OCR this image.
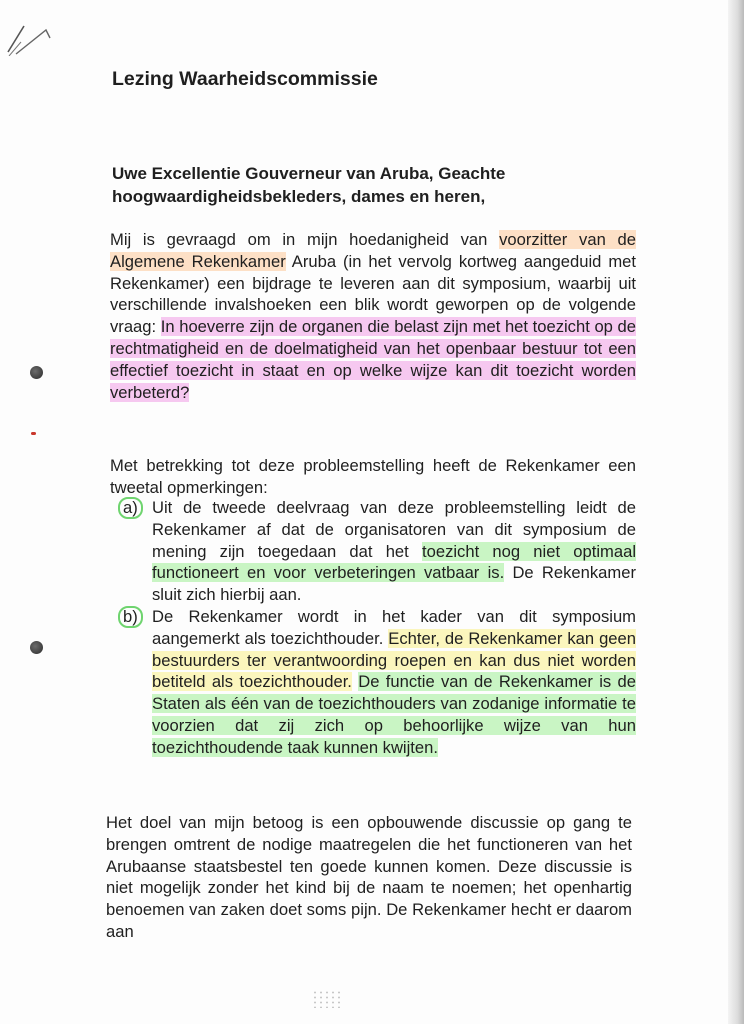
Lezing Waarheidscommissie
Uwe Excellentie Gouverneur van Aruba, Geachte hoogwaardigheidsbekleders, dames en heren,
Mij is gevraagd om in mijn hoedanigheid van voorzitter van de Algemene Rekenkamer Aruba (in het vervolg kortweg aangeduid met Rekenkamer) een bijdrage te leveren aan dit symposium, waarbij uit verschillende invalshoeken een blik wordt geworpen op de volgende vraag: In hoeverre zijn de organen die belast zijn met het toezicht op de rechtmatigheid en de doelmatigheid van het openbaar bestuur tot een effectief toezicht in staat en op welke wijze kan dit toezicht worden verbeterd?
Met betrekking tot deze probleemstelling heeft de Rekenkamer een tweetal opmerkingen:
a) Uit de tweede deelvraag van deze probleemstelling leidt de Rekenkamer af dat de organisatoren van dit symposium de mening zijn toegedaan dat het toezicht nog niet optimaal functioneert en voor verbeteringen vatbaar is. De Rekenkamer sluit zich hierbij aan.
b) De Rekenkamer wordt in het kader van dit symposium aangemerkt als toezichthouder. Echter, de Rekenkamer kan geen bestuurders ter verantwoording roepen en kan dus niet worden betiteld als toezichthouder. De functie van de Rekenkamer is de Staten als één van de toezichthouders van zodanige informatie te voorzien dat zij zich op behoorlijke wijze van hun toezichthoudende taak kunnen kwijten.
Het doel van mijn betoog is een opbouwende discussie op gang te brengen omtrent de nodige maatregelen die het functioneren van het Arubaanse staatsbestel ten goede kunnen komen. Deze discussie is niet mogelijk zonder het kind bij de naam te noemen; het openhartig benoemen van zaken doet soms pijn. De Rekenkamer hecht er daarom aan
